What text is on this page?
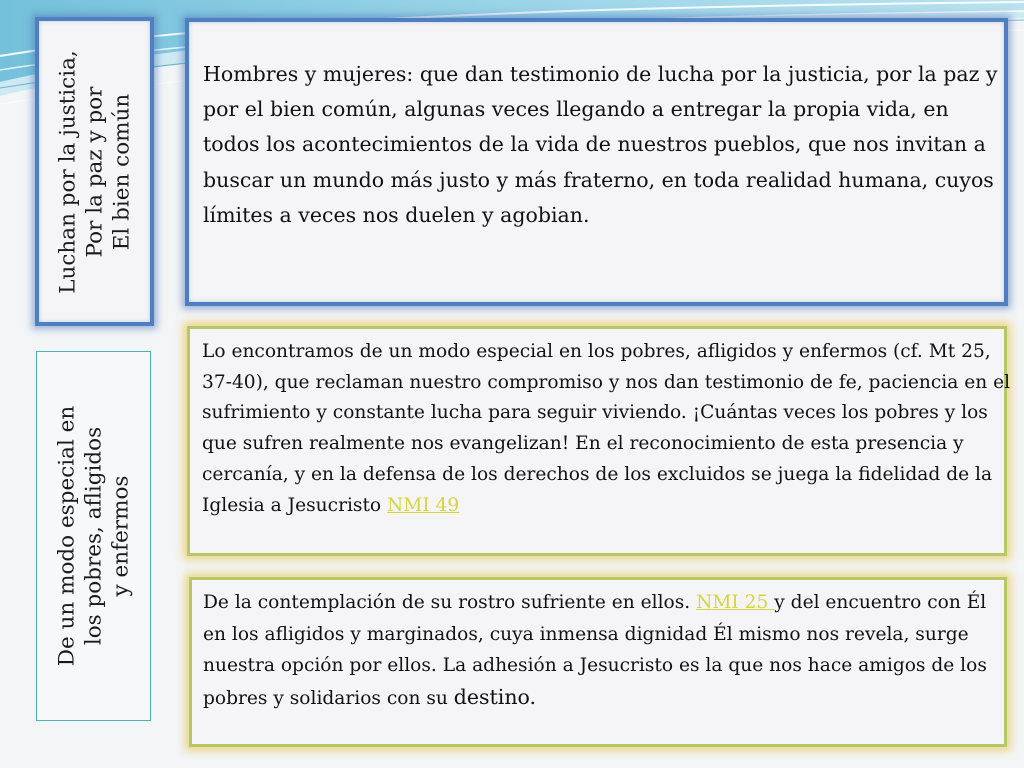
Luchan por la justicia, Por la paz y por El bien común

Hombres y mujeres: que dan testimonio de lucha por la justicia, por la paz y por el bien común, algunas veces llegando a entregar la propia vida, en todos los acontecimientos de la vida de nuestros pueblos, que nos invitan a buscar un mundo más justo y más fraterno, en toda realidad humana, cuyos límites a veces nos duelen y agobian.

De un modo especial en los pobres, afligidos y enfermos

Lo encontramos de un modo especial en los pobres, afligidos y enfermos (cf. Mt 25, 37-40), que reclaman nuestro compromiso y nos dan testimonio de fe, paciencia en el sufrimiento y constante lucha para seguir viviendo. ¡Cuántas veces los pobres y los que sufren realmente nos evangelizan! En el reconocimiento de esta presencia y cercanía, y en la defensa de los derechos de los excluidos se juega la fidelidad de la Iglesia a Jesucristo NMI 49

De la contemplación de su rostro sufriente en ellos. NMI 25 y del encuentro con Él en los afligidos y marginados, cuya inmensa dignidad Él mismo nos revela, surge nuestra opción por ellos. La adhesión a Jesucristo es la que nos hace amigos de los pobres y solidarios con su destino.
